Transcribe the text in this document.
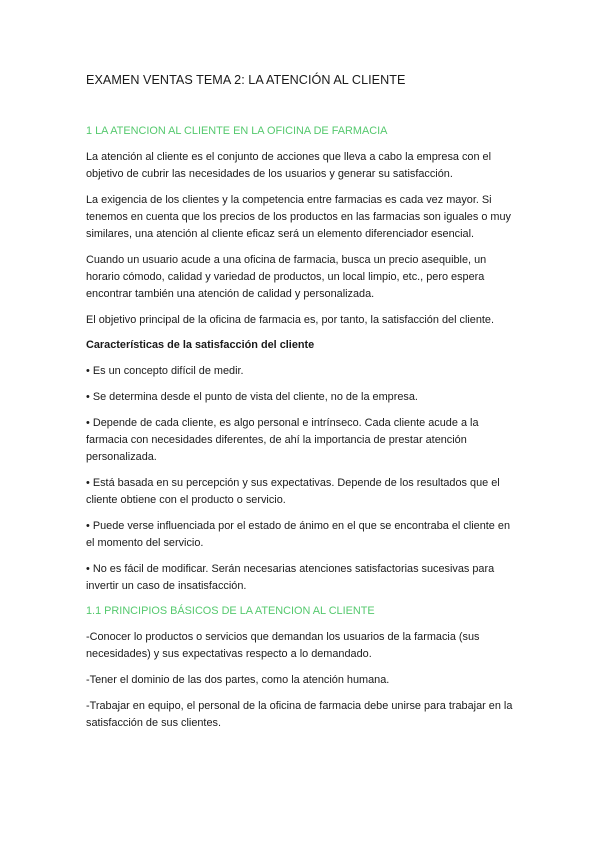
EXAMEN VENTAS TEMA 2: LA ATENCIÓN AL CLIENTE
1 LA ATENCION AL CLIENTE EN LA OFICINA DE FARMACIA
La atención al cliente es el conjunto de acciones que lleva a cabo la empresa con el objetivo de cubrir las necesidades de los usuarios y generar su satisfacción.
La exigencia de los clientes y la competencia entre farmacias es cada vez mayor. Si tenemos en cuenta que los precios de los productos en las farmacias son iguales o muy similares, una atención al cliente eficaz será un elemento diferenciador esencial.
Cuando un usuario acude a una oficina de farmacia, busca un precio asequible, un horario cómodo, calidad y variedad de productos, un local limpio, etc., pero espera encontrar también una atención de calidad y personalizada.
El objetivo principal de la oficina de farmacia es, por tanto, la satisfacción del cliente.
Características de la satisfacción del cliente
• Es un concepto difícil de medir.
• Se determina desde el punto de vista del cliente, no de la empresa.
• Depende de cada cliente, es algo personal e intrínseco. Cada cliente acude a la farmacia con necesidades diferentes, de ahí la importancia de prestar atención personalizada.
• Está basada en su percepción y sus expectativas. Depende de los resultados que el cliente obtiene con el producto o servicio.
• Puede verse influenciada por el estado de ánimo en el que se encontraba el cliente en el momento del servicio.
• No es fácil de modificar. Serán necesarias atenciones satisfactorias sucesivas para invertir un caso de insatisfacción.
1.1 PRINCIPIOS BÁSICOS DE LA ATENCION AL CLIENTE
-Conocer lo productos o servicios que demandan los usuarios de la farmacia (sus necesidades) y sus expectativas respecto a lo demandado.
-Tener el dominio de las dos partes, como la atención humana.
-Trabajar en equipo, el personal de la oficina de farmacia debe unirse para trabajar en la satisfacción de sus clientes.
